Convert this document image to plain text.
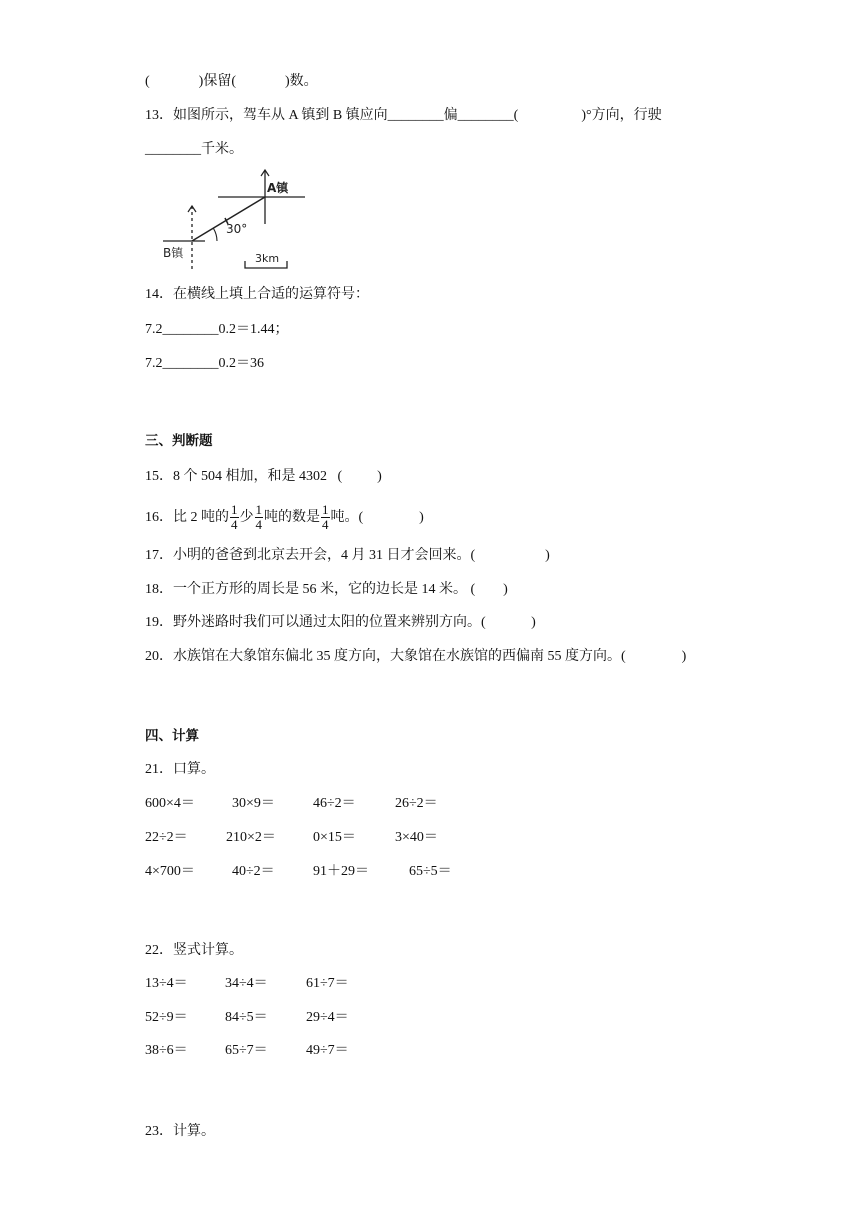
(              )保留(              )数。
13．如图所示，驾车从 A 镇到 B 镇应向________偏________(                  )°方向，行驶
________千米。
A镇
B镇
30°
3km
14．在横线上填上合适的运算符号：
7.2________0.2＝1.44；
7.2________0.2＝36
三、判断题
15．8 个 504 相加，和是 4302   (          )
16．比 2 吨的 $\frac{1}{4}$ 少 $\frac{1}{4}$ 吨的数是 $\frac{1}{4}$ 吨。(                )
17．小明的爸爸到北京去开会，4 月 31 日才会回来。(                    )
18．一个正方形的周长是 56 米，它的边长是 14 米。 (        )
19．野外迷路时我们可以通过太阳的位置来辨别方向。(             )
20．水族馆在大象馆东偏北 35 度方向，大象馆在水族馆的西偏南 55 度方向。(                )
四、计算
21．口算。
600×4＝	30×9＝	46÷2＝	26÷2＝
22÷2＝	210×2＝	0×15＝	3×40＝
4×700＝	40÷2＝	91＋29＝	65÷5＝
22．竖式计算。
13÷4＝	34÷4＝	61÷7＝
52÷9＝	84÷5＝	29÷4＝
38÷6＝	65÷7＝	49÷7＝
23．计算。
